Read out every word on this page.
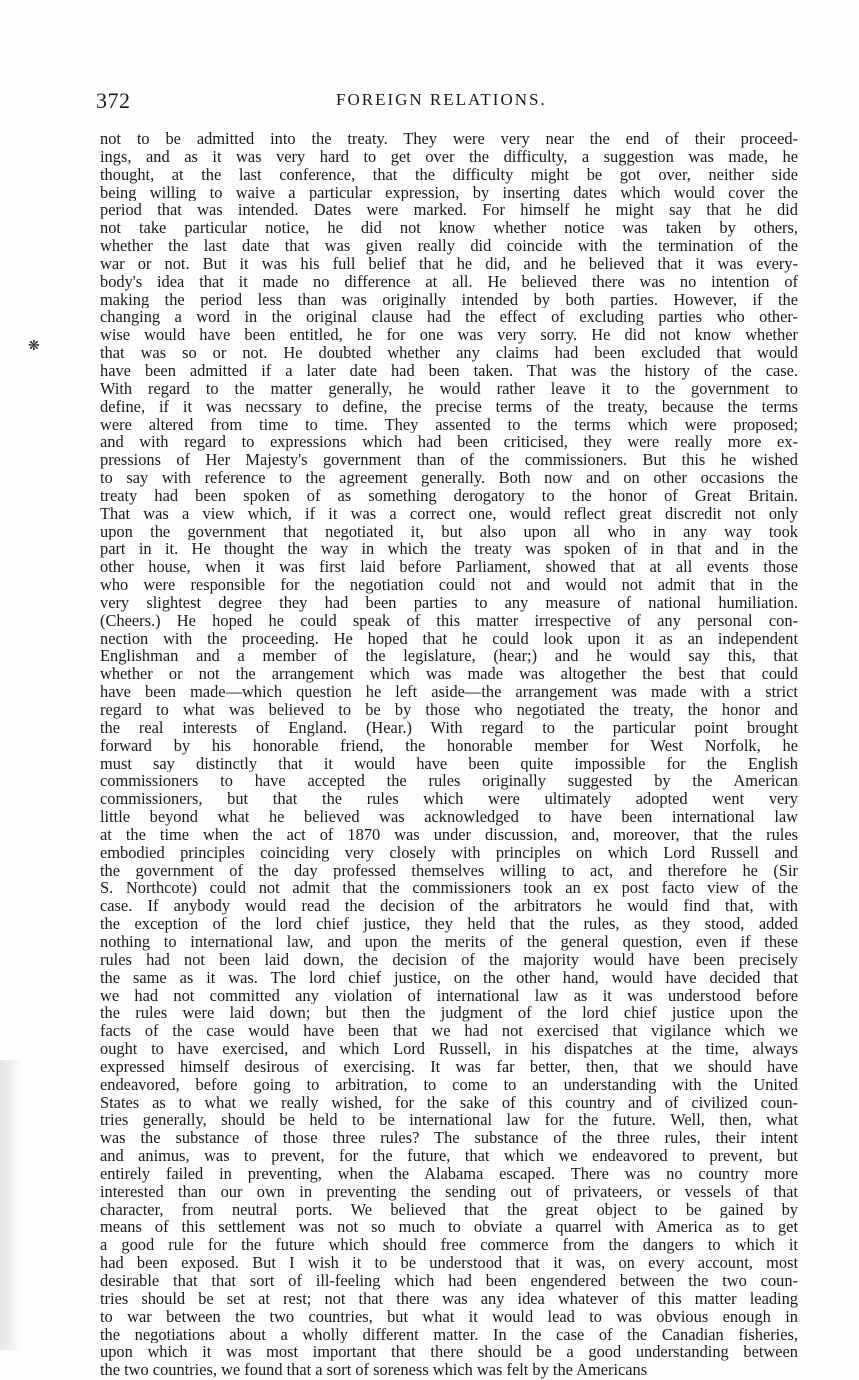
372	FOREIGN RELATIONS.
❋
not to be admitted into the treaty. They were very near the end of their proceed-
ings, and as it was very hard to get over the difficulty, a suggestion was made, he
thought, at the last conference, that the difficulty might be got over, neither side
being willing to waive a particular expression, by inserting dates which would cover the
period that was intended. Dates were marked. For himself he might say that he did
not take particular notice, he did not know whether notice was taken by others,
whether the last date that was given really did coincide with the termination of the
war or not. But it was his full belief that he did, and he believed that it was every-
body's idea that it made no difference at all. He believed there was no intention of
making the period less than was originally intended by both parties. However, if the
changing a word in the original clause had the effect of excluding parties who other-
wise would have been entitled, he for one was very sorry. He did not know whether
that was so or not. He doubted whether any claims had been excluded that would
have been admitted if a later date had been taken. That was the history of the case.
With regard to the matter generally, he would rather leave it to the government to
define, if it was necssary to define, the precise terms of the treaty, because the terms
were altered from time to time. They assented to the terms which were proposed;
and with regard to expressions which had been criticised, they were really more ex-
pressions of Her Majesty's government than of the commissioners. But this he wished
to say with reference to the agreement generally. Both now and on other occasions the
treaty had been spoken of as something derogatory to the honor of Great Britain.
That was a view which, if it was a correct one, would reflect great discredit not only
upon the government that negotiated it, but also upon all who in any way took
part in it. He thought the way in which the treaty was spoken of in that and in the
other house, when it was first laid before Parliament, showed that at all events those
who were responsible for the negotiation could not and would not admit that in the
very slightest degree they had been parties to any measure of national humiliation.
(Cheers.) He hoped he could speak of this matter irrespective of any personal con-
nection with the proceeding. He hoped that he could look upon it as an independent
Englishman and a member of the legislature, (hear;) and he would say this, that
whether or not the arrangement which was made was altogether the best that could
have been made—which question he left aside—the arrangement was made with a strict
regard to what was believed to be by those who negotiated the treaty, the honor and
the real interests of England. (Hear.) With regard to the particular point brought
forward by his honorable friend, the honorable member for West Norfolk, he
must say distinctly that it would have been quite impossible for the English
commissioners to have accepted the rules originally suggested by the American
commissioners, but that the rules which were ultimately adopted went very
little beyond what he believed was acknowledged to have been international law
at the time when the act of 1870 was under discussion, and, moreover, that the rules
embodied principles coinciding very closely with principles on which Lord Russell and
the government of the day professed themselves willing to act, and therefore he (Sir
S. Northcote) could not admit that the commissioners took an ex post facto view of the
case. If anybody would read the decision of the arbitrators he would find that, with
the exception of the lord chief justice, they held that the rules, as they stood, added
nothing to international law, and upon the merits of the general question, even if these
rules had not been laid down, the decision of the majority would have been precisely
the same as it was. The lord chief justice, on the other hand, would have decided that
we had not committed any violation of international law as it was understood before
the rules were laid down; but then the judgment of the lord chief justice upon the
facts of the case would have been that we had not exercised that vigilance which we
ought to have exercised, and which Lord Russell, in his dispatches at the time, always
expressed himself desirous of exercising. It was far better, then, that we should have
endeavored, before going to arbitration, to come to an understanding with the United
States as to what we really wished, for the sake of this country and of civilized coun-
tries generally, should be held to be international law for the future. Well, then, what
was the substance of those three rules? The substance of the three rules, their intent
and animus, was to prevent, for the future, that which we endeavored to prevent, but
entirely failed in preventing, when the Alabama escaped. There was no country more
interested than our own in preventing the sending out of privateers, or vessels of that
character, from neutral ports. We believed that the great object to be gained by
means of this settlement was not so much to obviate a quarrel with America as to get
a good rule for the future which should free commerce from the dangers to which it
had been exposed. But I wish it to be understood that it was, on every account, most
desirable that that sort of ill-feeling which had been engendered between the two coun-
tries should be set at rest; not that there was any idea whatever of this matter leading
to war between the two countries, but what it would lead to was obvious enough in
the negotiations about a wholly different matter. In the case of the Canadian fisheries,
upon which it was most important that there should be a good understanding between
the two countries, we found that a sort of soreness which was felt by the Americans
